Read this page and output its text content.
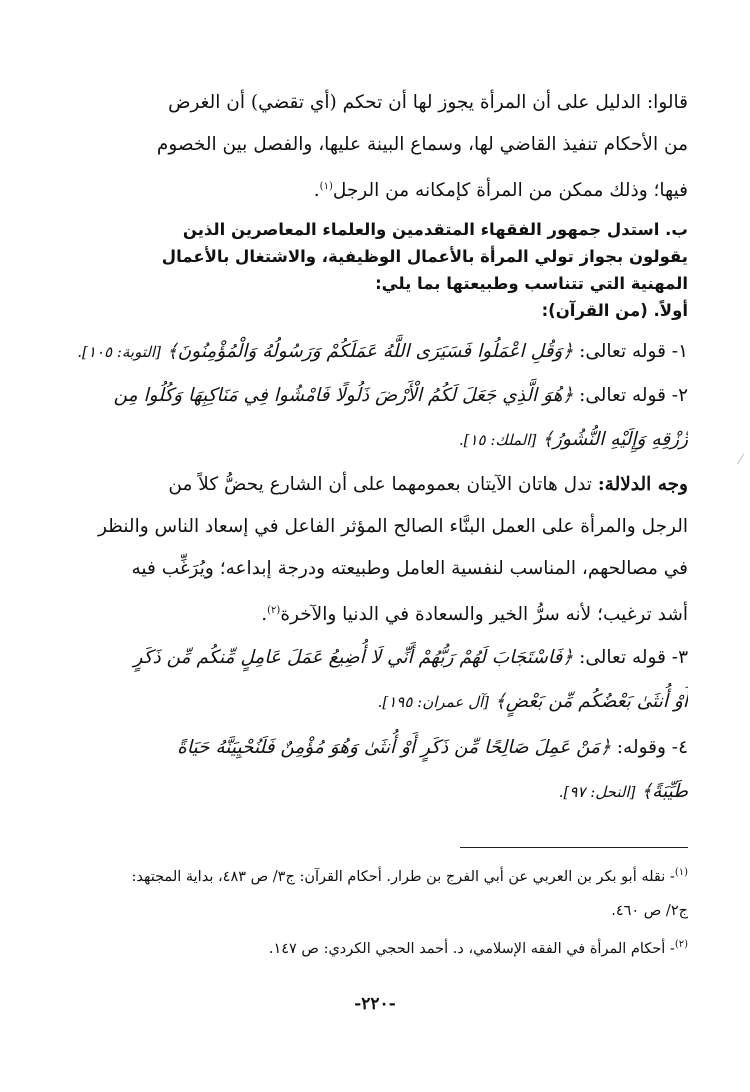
⁄
قالوا: الدليل على أن المرأة يجوز لها أن تحكم (أي تقضي) أن الغرض
من الأحكام تنفيذ القاضي لها، وسماع البينة عليها، والفصل بين الخصوم
فيها؛ وذلك ممكن من المرأة كإمكانه من الرجل$^{(١)}$.
ب. استدل جمهور الفقهاء المتقدمين والعلماء المعاصرين الذين
يقولون بجواز تولي المرأة بالأعمال الوظيفية، والاشتغال بالأعمال
المهنية التي تتناسب وطبيعتها بما يلي:
أولاً. (من القرآن):
١- قوله تعالى: ﴿وَقُلِ اعْمَلُوا فَسَيَرَى اللَّهُ عَمَلَكُمْ وَرَسُولُهُ وَالْمُؤْمِنُونَ﴾ [التوبة: ١٠٥].
٢- قوله تعالى: ﴿هُوَ الَّذِي جَعَلَ لَكُمُ الْأَرْضَ ذَلُولًا فَامْشُوا فِي مَنَاكِبِهَا وَكُلُوا مِن
رِّزْقِهِ وَإِلَيْهِ النُّشُورُ﴾ [الملك: ١٥].
وجه الدلالة: تدل هاتان الآيتان بعمومهما على أن الشارع يحضُّ كلاً من
الرجل والمرأة على العمل البنَّاء الصالح المؤثر الفاعل في إسعاد الناس والنظر
في مصالحهم، المناسب لنفسية العامل وطبيعته ودرجة إبداعه؛ ويُرَغِّب فيه
أشد ترغيب؛ لأنه سرُّ الخير والسعادة في الدنيا والآخرة$^{(٢)}$.
٣- قوله تعالى: ﴿فَاسْتَجَابَ لَهُمْ رَبُّهُمْ أَنِّي لَا أُضِيعُ عَمَلَ عَامِلٍ مِّنكُم مِّن ذَكَرٍ
أَوْ أُنثَىٰ بَعْضُكُم مِّن بَعْضٍ﴾ [آل عمران: ١٩٥].
٤- وقوله: ﴿مَنْ عَمِلَ صَالِحًا مِّن ذَكَرٍ أَوْ أُنثَىٰ وَهُوَ مُؤْمِنٌ فَلَنُحْيِيَنَّهُ حَيَاةً
طَيِّبَةً﴾ [النحل: ٩٧].
$^{(١)}$- نقله أبو بكر بن العربي عن أبي الفرج بن طرار. أحكام القرآن: ج٣/ ص ٤٨٣، بداية المجتهد:
ج٢/ ص ٤٦٠.
$^{(٢)}$- أحكام المرأة في الفقه الإسلامي، د. أحمد الحجي الكردي: ص ١٤٧.
-٢٢٠-
